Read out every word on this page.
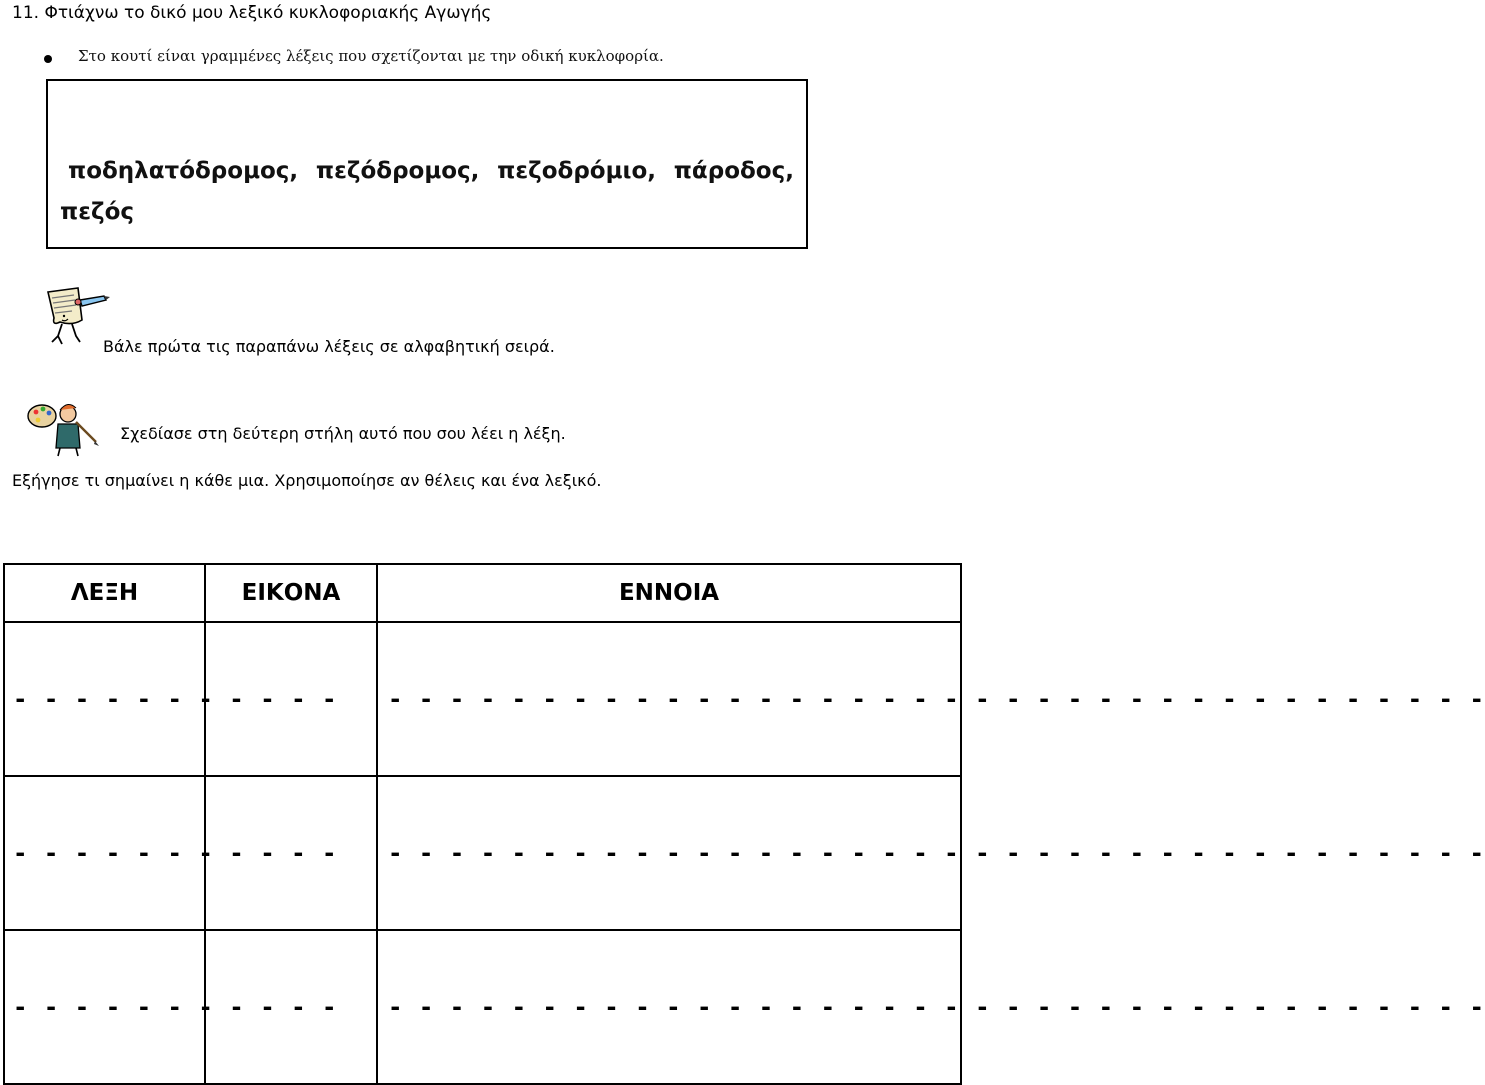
11. Φτιάχνω το δικό μου λεξικό κυκλοφοριακής Αγωγής
Στο κουτί είναι γραμμένες λέξεις που σχετίζονται με την οδική κυκλοφορία.
ποδηλατόδρομος, πεζόδρομος, πεζοδρόμιο, πάροδος,
πεζός
Βάλε πρώτα τις παραπάνω λέξεις σε αλφαβητική σειρά.
Σχεδίασε στη δεύτερη στήλη αυτό που σου λέει η λέξη.
Εξήγησε τι σημαίνει η κάθε μια. Χρησιμοποίησε αν θέλεις και ένα λεξικό.
ΛΕΞΗ	ΕΙΚΟΝΑ	ΕΝΝΟΙΑ

- - - - - - - - - - -		- - - - - - - - - - - - - - - - - - - - - - - - - - - - - - - - - - - -

- - - - - - - - - - -		- - - - - - - - - - - - - - - - - - - - - - - - - - - - - - - - - - - -

- - - - - - - - - - -		- - - - - - - - - - - - - - - - - - - - - - - - - - - - - - - - - - - -
